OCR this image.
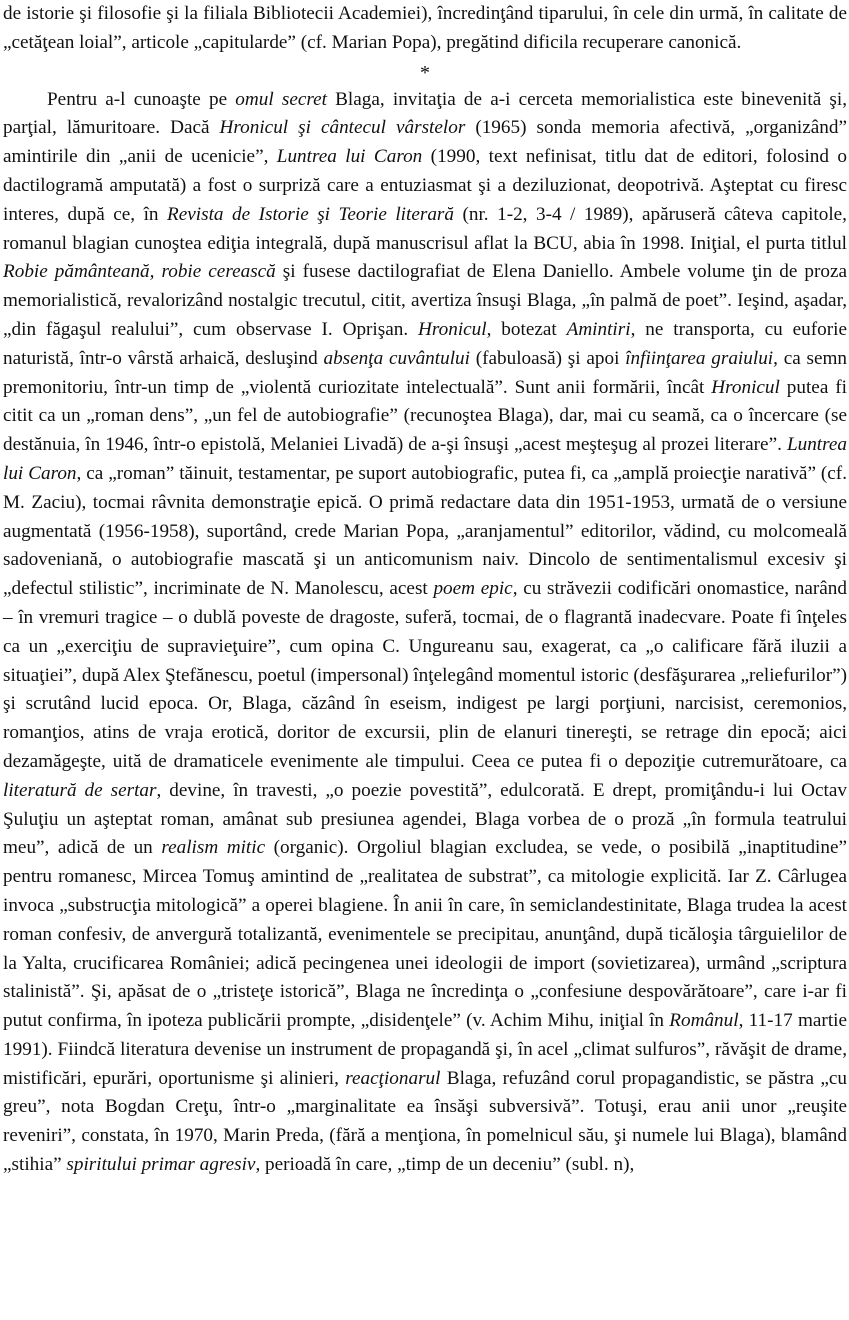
de istorie şi filosofie şi la filiala Bibliotecii Academiei), încredinţând tiparului, în cele din urmă, în calitate de „cetăţean loial”, articole „capitularde” (cf. Marian Popa), pregătind dificila recuperare canonică.

*

Pentru a-l cunoaşte pe omul secret Blaga, invitaţia de a-i cerceta memorialistica este binevenită şi, parţial, lămuritoare. Dacă Hronicul şi cântecul vârstelor (1965) sonda memoria afectivă, „organizând” amintirile din „anii de ucenicie”, Luntrea lui Caron (1990, text nefinisat, titlu dat de editori, folosind o dactilogramă amputată) a fost o surpriză care a entuziasmat şi a deziluzionat, deopotrivă. Aşteptat cu firesc interes, după ce, în Revista de Istorie şi Teorie literară (nr. 1-2, 3-4 / 1989), apăruseră câteva capitole, romanul blagian cunoştea ediţia integrală, după manuscrisul aflat la BCU, abia în 1998. Iniţial, el purta titlul Robie pământeană, robie cerească şi fusese dactilografiat de Elena Daniello. Ambele volume ţin de proza memorialistică, revalorizând nostalgic trecutul, citit, avertiza însuşi Blaga, „în palmă de poet”. Ieşind, aşadar, „din făgaşul realului”, cum observase I. Oprişan. Hronicul, botezat Amintiri, ne transporta, cu euforie naturistă, într-o vârstă arhaică, desluşind absenţa cuvântului (fabuloasă) şi apoi înfiinţarea graiului, ca semn premonitoriu, într-un timp de „violentă curiozitate intelectuală”. Sunt anii formării, încât Hronicul putea fi citit ca un „roman dens”, „un fel de autobiografie” (recunoştea Blaga), dar, mai cu seamă, ca o încercare (se destănuia, în 1946, într-o epistolă, Melaniei Livadă) de a-şi însuşi „acest meşteşug al prozei literare”. Luntrea lui Caron, ca „roman” tăinuit, testamentar, pe suport autobiografic, putea fi, ca „amplă proiecţie narativă” (cf. M. Zaciu), tocmai râvnita demonstraţie epică. O primă redactare data din 1951-1953, urmată de o versiune augmentată (1956-1958), suportând, crede Marian Popa, „aranjamentul” editorilor, vădind, cu molcomeală sadoveniană, o autobiografie mascată şi un anticomunism naiv. Dincolo de sentimentalismul excesiv şi „defectul stilistic”, incriminate de N. Manolescu, acest poem epic, cu străvezii codificări onomastice, narând – în vremuri tragice – o dublă poveste de dragoste, suferă, tocmai, de o flagrantă inadecvare. Poate fi înţeles ca un „exerciţiu de supravieţuire”, cum opina C. Ungureanu sau, exagerat, ca „o calificare fără iluzii a situaţiei”, după Alex Ştefănescu, poetul (impersonal) înţelegând momentul istoric (desfăşurarea „reliefurilor”) şi scrutând lucid epoca. Or, Blaga, căzând în eseism, indigest pe largi porţiuni, narcisist, ceremonios, romanţios, atins de vraja erotică, doritor de excursii, plin de elanuri tinereşti, se retrage din epocă; aici dezamăgeşte, uită de dramaticele evenimente ale timpului. Ceea ce putea fi o depoziţie cutremurătoare, ca literatură de sertar, devine, în travesti, „o poezie povestită”, edulcorată. E drept, promiţându-i lui Octav Şuluţiu un aşteptat roman, amânat sub presiunea agendei, Blaga vorbea de o proză „în formula teatrului meu”, adică de un realism mitic (organic). Orgoliul blagian excludea, se vede, o posibilă „inaptitudine” pentru romanesc, Mircea Tomuş amintind de „realitatea de substrat”, ca mitologie explicită. Iar Z. Cârlugea invoca „substrucţia mitologică” a operei blagiene. În anii în care, în semiclandestinitate, Blaga trudea la acest roman confesiv, de anvergură totalizantă, evenimentele se precipitau, anunţând, după ticăloşia târguielilor de la Yalta, crucificarea României; adică pecingenea unei ideologii de import (sovietizarea), urmând „scriptura stalinistă”. Şi, apăsat de o „tristeţe istorică”, Blaga ne încredinţa o „confesiune despovărătoare”, care i-ar fi putut confirma, în ipoteza publicării prompte, „disidenţele” (v. Achim Mihu, iniţial în Românul, 11-17 martie 1991). Fiindcă literatura devenise un instrument de propagandă şi, în acel „climat sulfuros”, răvăşit de drame, mistificări, epurări, oportunisme şi alinieri, reacţionarul Blaga, refuzând corul propagandistic, se păstra „cu greu”, nota Bogdan Creţu, într-o „marginalitate ea însăşi subversivă”. Totuşi, erau anii unor „reuşite reveniri”, constata, în 1970, Marin Preda, (fără a menţiona, în pomelnicul său, şi numele lui Blaga), blamând „stihia” spiritului primar agresiv, perioadă în care, „timp de un deceniu” (subl. n),
